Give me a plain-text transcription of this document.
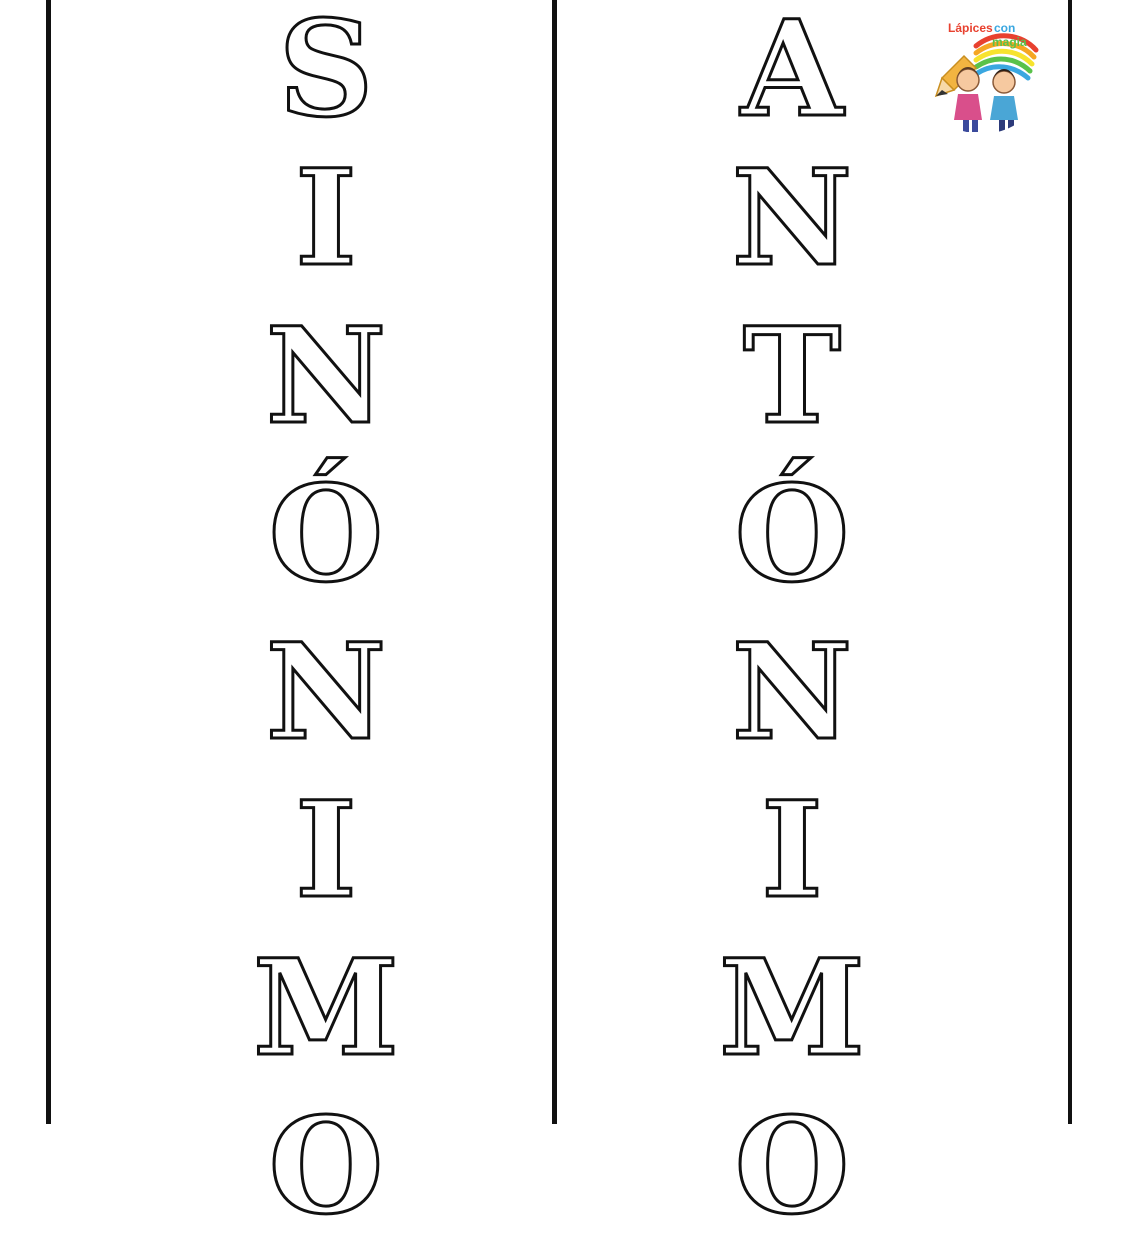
S
I
N
Ó
N
I
M
O
A
N
T
Ó
N
I
M
O
Lápices con
magia
